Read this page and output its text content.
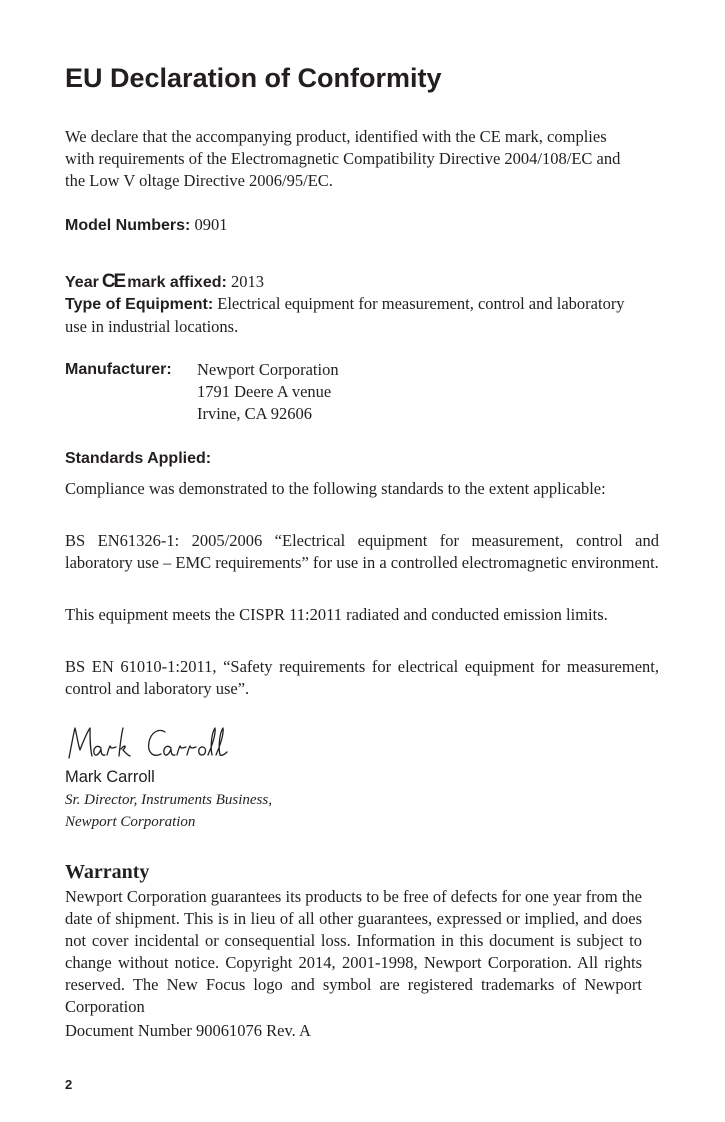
EU Declaration of Conformity

We declare that the accompanying product, identified with the CE mark, complies with requirements of the Electromagnetic Compatibility Directive 2004/108/EC and the Low V oltage Directive 2006/95/EC.

Model Numbers: 0901

Year CE mark affixed: 2013

Type of Equipment: Electrical equipment for measurement, control and laboratory use in industrial locations.

Manufacturer: Newport Corporation
1791 Deere A venue
Irvine, CA 92606

Standards Applied:

Compliance was demonstrated to the following standards to the extent applicable:

BS EN61326-1: 2005/2006 “Electrical equipment for measurement, control and laboratory use – EMC requirements” for use in a controlled electromagnetic environment.

This equipment meets the CISPR 11:2011 radiated and conducted emission limits.

BS EN 61010-1:2011, “Safety requirements for electrical equipment for measurement, control and laboratory use”.

Mark Carroll

Sr. Director, Instruments Business,
Newport Corporation

Warranty

Newport Corporation guarantees its products to be free of defects for one year from the date of shipment. This is in lieu of all other guarantees, expressed or implied, and does not cover incidental or consequential loss. Information in this document is subject to change without notice. Copyright 2014, 2001-1998, Newport Corporation. All rights reserved. The New Focus logo and symbol are registered trademarks of Newport Corporation

Document Number 90061076 Rev. A

2
